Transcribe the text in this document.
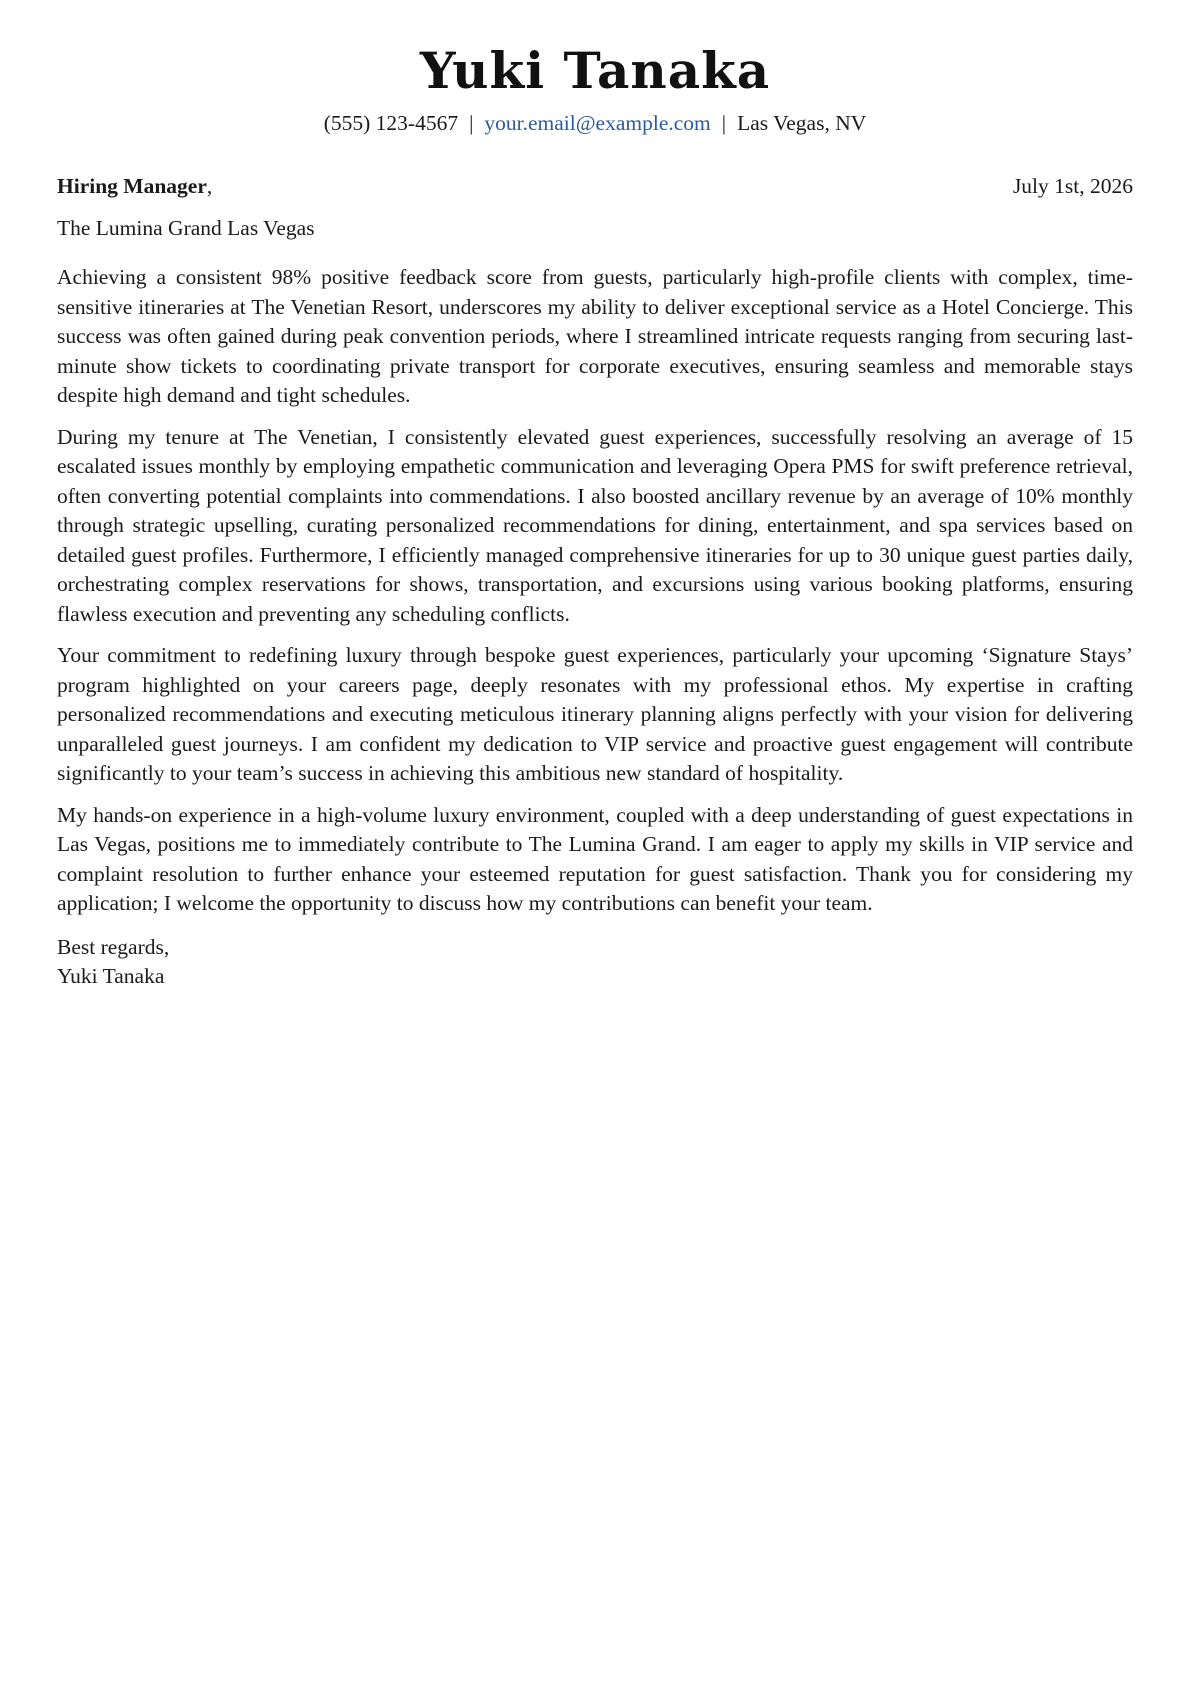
Yuki Tanaka
(555) 123-4567 | your.email@example.com | Las Vegas, NV
Hiring Manager,	July 1st, 2026
The Lumina Grand Las Vegas

Achieving a consistent 98% positive feedback score from guests, particularly high-profile clients with complex, time-sensitive itineraries at The Venetian Resort, underscores my ability to deliver exceptional service as a Hotel Concierge. This success was often gained during peak convention periods, where I streamlined intricate requests ranging from securing last-minute show tickets to coordinating private transport for corporate executives, ensuring seamless and memorable stays despite high demand and tight schedules.

During my tenure at The Venetian, I consistently elevated guest experiences, successfully resolving an average of 15 escalated issues monthly by employing empathetic communication and leveraging Opera PMS for swift preference retrieval, often converting potential complaints into commendations. I also boosted ancillary revenue by an average of 10% monthly through strategic upselling, curating personalized recommendations for dining, entertainment, and spa services based on detailed guest profiles. Furthermore, I efficiently managed comprehensive itineraries for up to 30 unique guest parties daily, orchestrating complex reservations for shows, transportation, and excursions using various booking platforms, ensuring flawless execution and preventing any scheduling conflicts.

Your commitment to redefining luxury through bespoke guest experiences, particularly your upcoming ‘Signature Stays’ program highlighted on your careers page, deeply resonates with my professional ethos. My expertise in crafting personalized recommendations and executing meticulous itinerary planning aligns perfectly with your vision for delivering unparalleled guest journeys. I am confident my dedication to VIP service and proactive guest engagement will contribute significantly to your team’s success in achieving this ambitious new standard of hospitality.

My hands-on experience in a high-volume luxury environment, coupled with a deep understanding of guest expectations in Las Vegas, positions me to immediately contribute to The Lumina Grand. I am eager to apply my skills in VIP service and complaint resolution to further enhance your esteemed reputation for guest satisfaction. Thank you for considering my application; I welcome the opportunity to discuss how my contributions can benefit your team.

Best regards,
Yuki Tanaka
